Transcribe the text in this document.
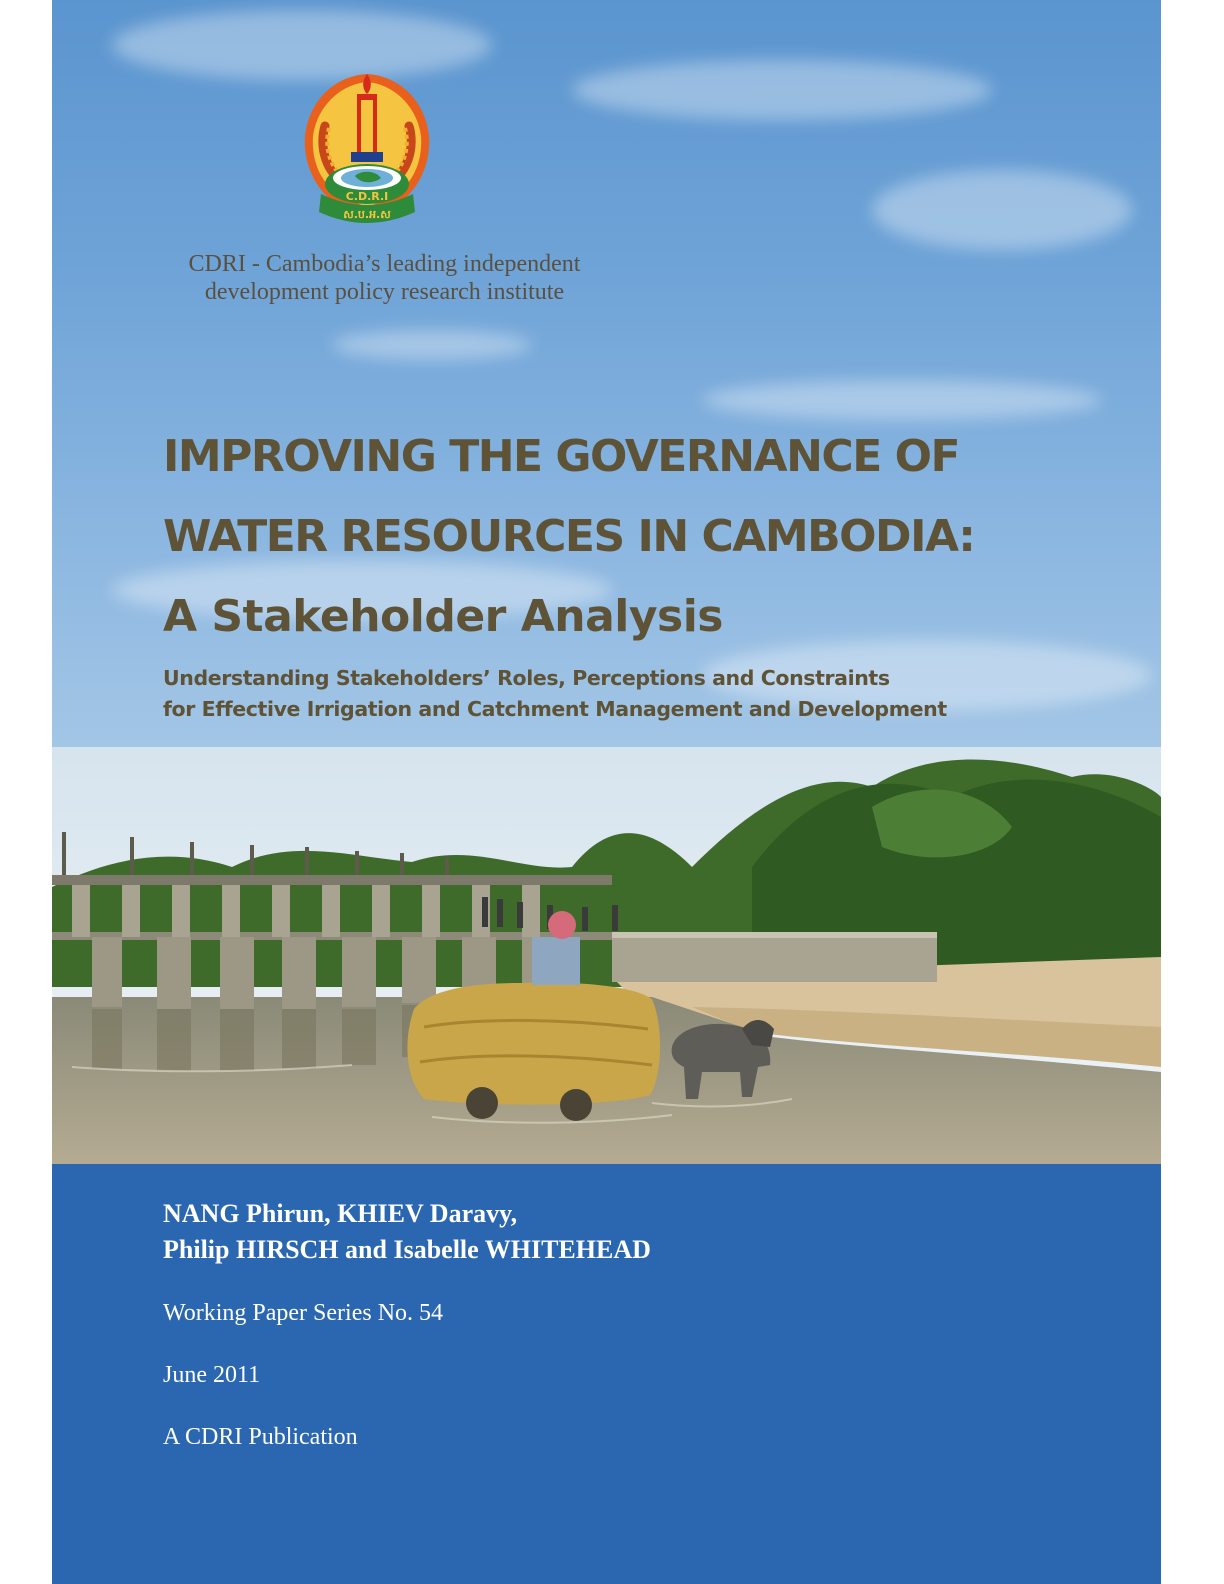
C.D.R.I
ស.ប.អ.ស
CDRI - Cambodia’s leading independent
development policy research institute
IMPROVING THE GOVERNANCE OF
WATER RESOURCES IN CAMBODIA:
A Stakeholder Analysis
Understanding Stakeholders’ Roles, Perceptions and Constraints
for Effective Irrigation and Catchment Management and Development
NANG Phirun, KHIEV Daravy,
Philip HIRSCH and Isabelle WHITEHEAD
Working Paper Series No. 54
June 2011
A CDRI Publication
